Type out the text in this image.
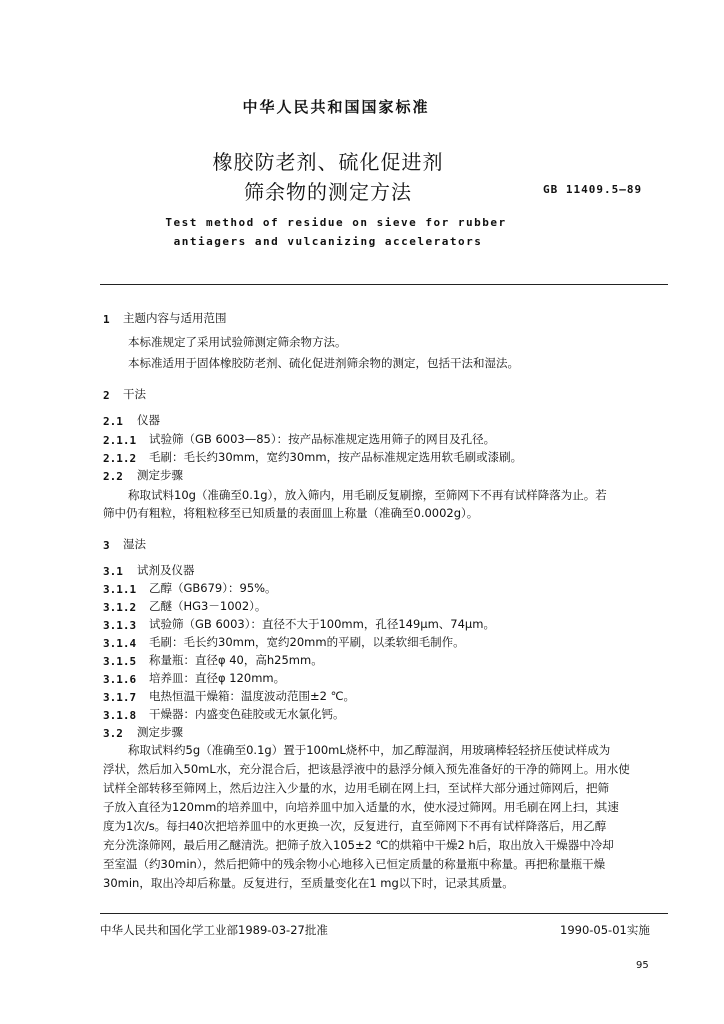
中华人民共和国国家标准
橡胶防老剂、硫化促进剂
筛余物的测定方法	GB 11409.5—89
Test method of residue on sieve for rubber
antiagers and vulcanizing accelerators
1 主题内容与适用范围
本标准规定了采用试验筛测定筛余物方法。
本标准适用于固体橡胶防老剂、硫化促进剂筛余物的测定，包括干法和湿法。
2 干法
2.1 仪器
2.1.1 试验筛（GB 6003—85）：按产品标准规定选用筛子的网目及孔径。
2.1.2 毛刷：毛长约30mm，宽约30mm，按产品标准规定选用软毛刷或漆刷。
2.2 测定步骤
称取试料10g（准确至0.1g），放入筛内，用毛刷反复刷擦，至筛网下不再有试样降落为止。若
筛中仍有粗粒，将粗粒移至已知质量的表面皿上称量（准确至0.0002g）。
3 湿法
3.1 试剂及仪器
3.1.1 乙醇（GB679）：95%。
3.1.2 乙醚（HG3－1002）。
3.1.3 试验筛（GB 6003）：直径不大于100mm，孔径149μm、74μm。
3.1.4 毛刷：毛长约30mm，宽约20mm的平刷，以柔软细毛制作。
3.1.5 称量瓶：直径φ 40，高h25mm。
3.1.6 培养皿：直径φ 120mm。
3.1.7 电热恒温干燥箱：温度波动范围±2 ℃。
3.1.8 干燥器：内盛变色硅胶或无水氯化钙。
3.2 测定步骤
称取试料约5g（准确至0.1g）置于100mL烧杯中，加乙醇湿润，用玻璃棒轻轻挤压使试样成为
浮状，然后加入50mL水，充分混合后，把该悬浮液中的悬浮分倾入预先准备好的干净的筛网上。用水使
试样全部转移至筛网上，然后边注入少量的水，边用毛刷在网上扫，至试样大部分通过筛网后，把筛
子放入直径为120mm的培养皿中，向培养皿中加入适量的水，使水浸过筛网。用毛刷在网上扫，其速
度为1次/s。每扫40次把培养皿中的水更换一次，反复进行，直至筛网下不再有试样降落后，用乙醇
充分洗涤筛网，最后用乙醚清洗。把筛子放入105±2 ℃的烘箱中干燥2 h后，取出放入干燥器中冷却
至室温（约30min），然后把筛中的残余物小心地移入已恒定质量的称量瓶中称量。再把称量瓶干燥
30min，取出冷却后称量。反复进行，至质量变化在1 mg以下时，记录其质量。
中华人民共和国化学工业部1989-03-27批准	1990-05-01实施
95
